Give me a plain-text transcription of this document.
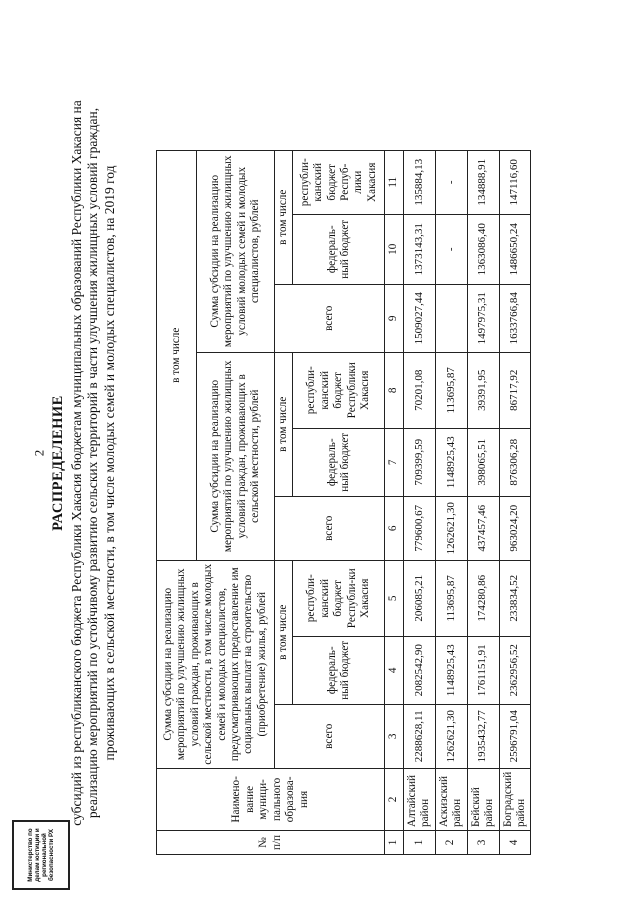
2 РАСПРЕДЕЛЕНИЕ субсидий из республиканского бюджета Республики Хакасия бюджетам муниципальных образований Республики Хакасия на реализацию мероприятий по устойчивому развитию сельских территорий в части улучшения жилищных условий граждан, проживающих в сельской местности, в том числе молодых семей и молодых специалистов, на 2019 год
№ п/п	Наимено-вание муници-пального образова-ния	Сумма субсидии на реализацию мероприятий по улучшению жилищных условий граждан, проживающих в сельской местности, в том числе молодых семей и молодых специалистов, предусматривающих предоставление им социальных выплат на строительство (приобретение) жилья, рублей			в том числе					
					Сумма субсидии на реализацию мероприятий по улучшению жилищных условий граждан, проживающих в сельской местности, рублей			Сумма субсидии на реализацию мероприятий по улучшению жилищных условий молодых семей и молодых специалистов, рублей		
		всего	в том числе		всего	в том числе		всего	в том числе	
			федераль-ный бюджет	республи-канский бюджет Республи-ки Хакасия		федераль-ный бюджет	республи-канский бюджет Республики Хакасия		федераль-ный бюджет	республи-канский бюджет Респуб-лики Хакасия
1	2	3	4	5	6	7	8	9	10	11
1	Алтайский район	2288628,11	2082542,90	206085,21	779600,67	709399,59	70201,08	1509027,44	1373143,31	135884,13
2	Аскизский район	1262621,30	1148925,43	113695,87	1262621,30	1148925,43	113695,87		-	-
3	Бейский район	1935432,77	1761151,91	174280,86	437457,46	398065,51	39391,95	1497975,31	1363086,40	134888,91
4	Боградский район	2596791,04	2362956,52	233834,52	963024,20	876306,28	86717,92	1633766,84	1486650,24	147116,60
Министерство по делам юстиции и региональной безопасности РХ
